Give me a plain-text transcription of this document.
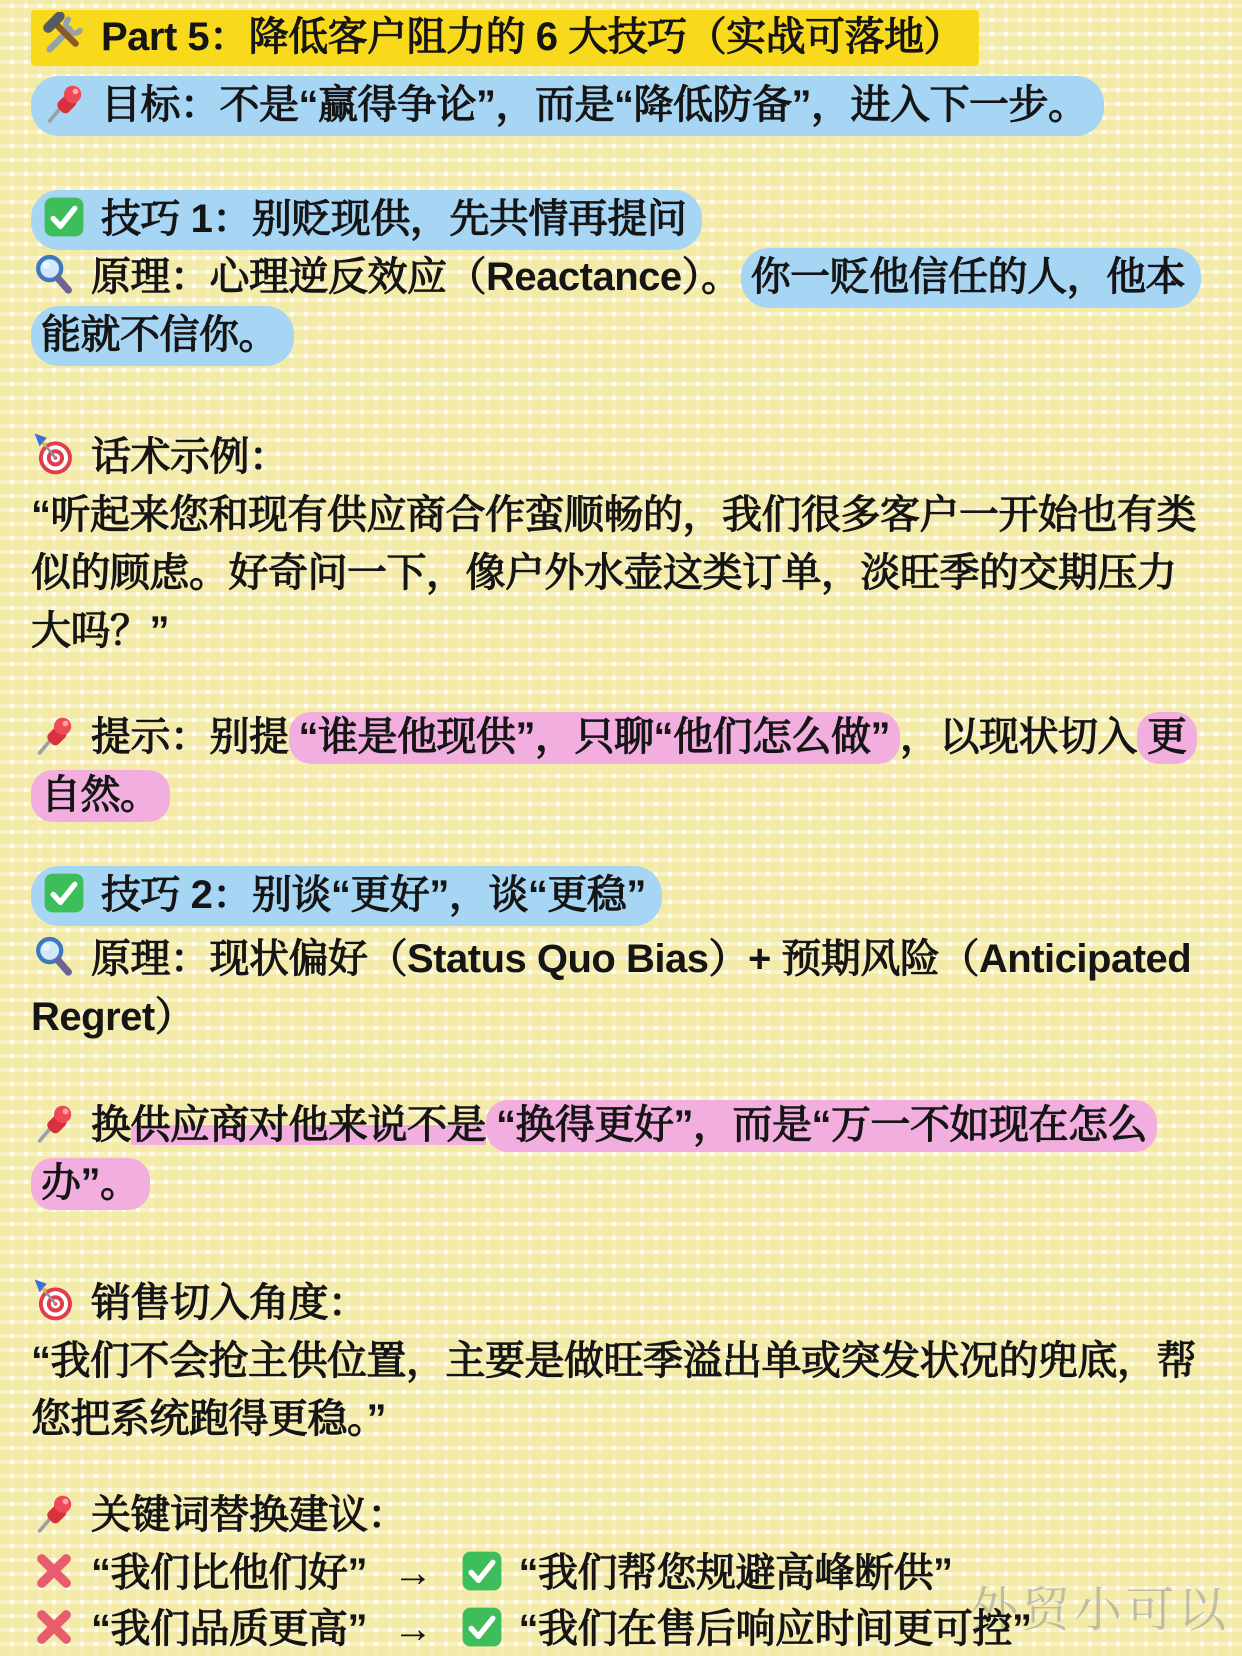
Part 5：降低客户阻力的 6 大技巧（实战可落地）

目标：不是“赢得争论”，而是“降低防备”，进入下一步。

技巧 1：别贬现供，先共情再提问

原理：心理逆反效应（Reactance）。 你一贬他信任的人，他本能就不信你。

话术示例：

“听起来您和现有供应商合作蛮顺畅的，我们很多客户一开始也有类似的顾虑。好奇问一下，像户外水壶这类订单，淡旺季的交期压力大吗？”

提示：别提 “谁是他现供”，只聊“他们怎么做” ，以现状切入 更自然。

技巧 2：别谈“更好”，谈“更稳”

原理：现状偏好（Status Quo Bias）+ 预期风险（Anticipated Regret）

换供应商对他来说不是 “换得更好”，而是“万一不如现在怎么办”。

销售切入角度：

“我们不会抢主供位置，主要是做旺季溢出单或突发状况的兜底，帮您把系统跑得更稳。”

关键词替换建议：

“我们比他们好” → “我们帮您规避高峰断供”

“我们品质更高” → “我们在售后响应时间更可控”

外贸小可以
